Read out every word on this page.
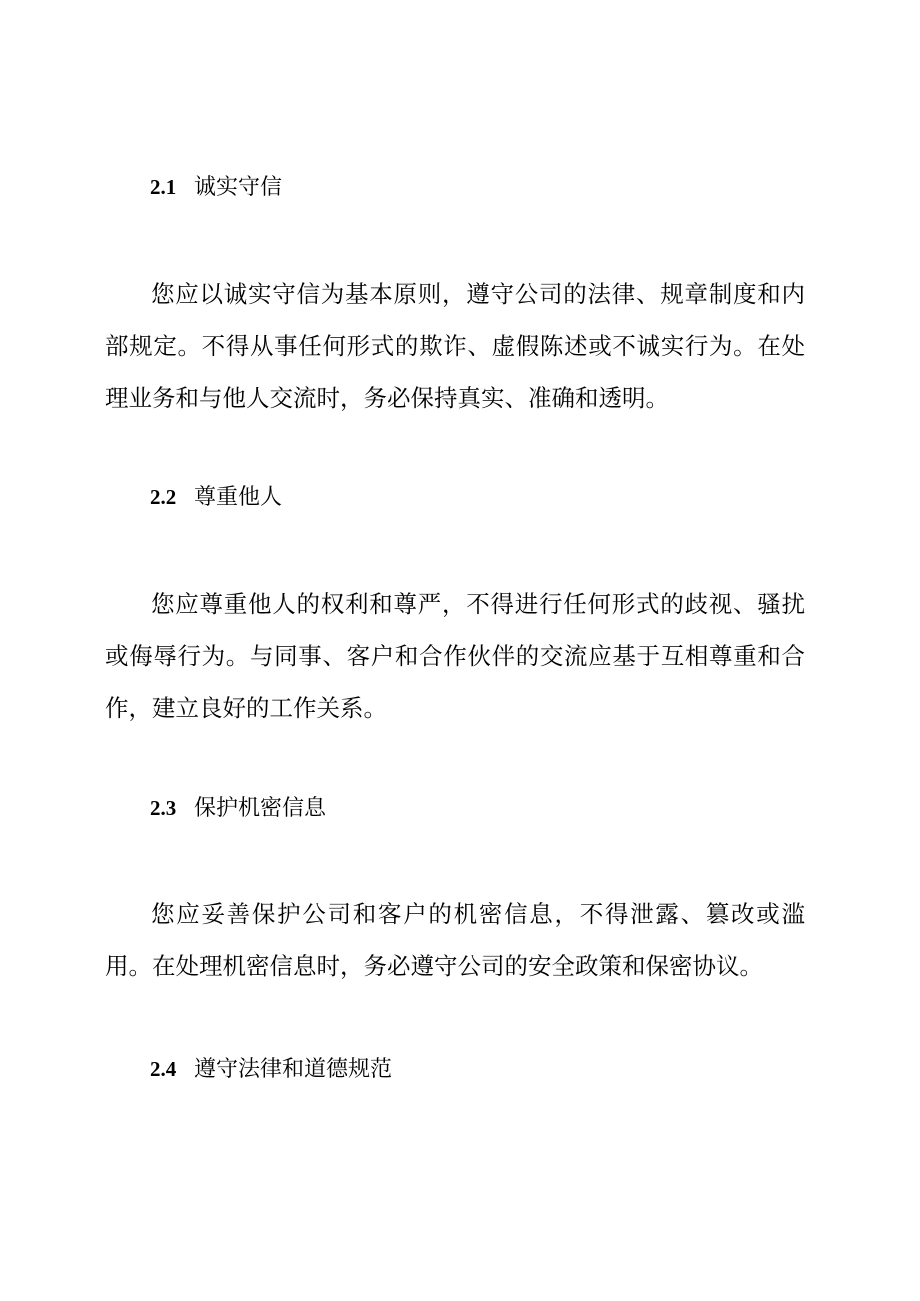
2.1 诚实守信

您应以诚实守信为基本原则，遵守公司的法律、规章制度和内部规定。不得从事任何形式的欺诈、虚假陈述或不诚实行为。在处理业务和与他人交流时，务必保持真实、准确和透明。

2.2 尊重他人

您应尊重他人的权利和尊严，不得进行任何形式的歧视、骚扰或侮辱行为。与同事、客户和合作伙伴的交流应基于互相尊重和合作，建立良好的工作关系。

2.3 保护机密信息

您应妥善保护公司和客户的机密信息，不得泄露、篡改或滥用。在处理机密信息时，务必遵守公司的安全政策和保密协议。

2.4 遵守法律和道德规范
